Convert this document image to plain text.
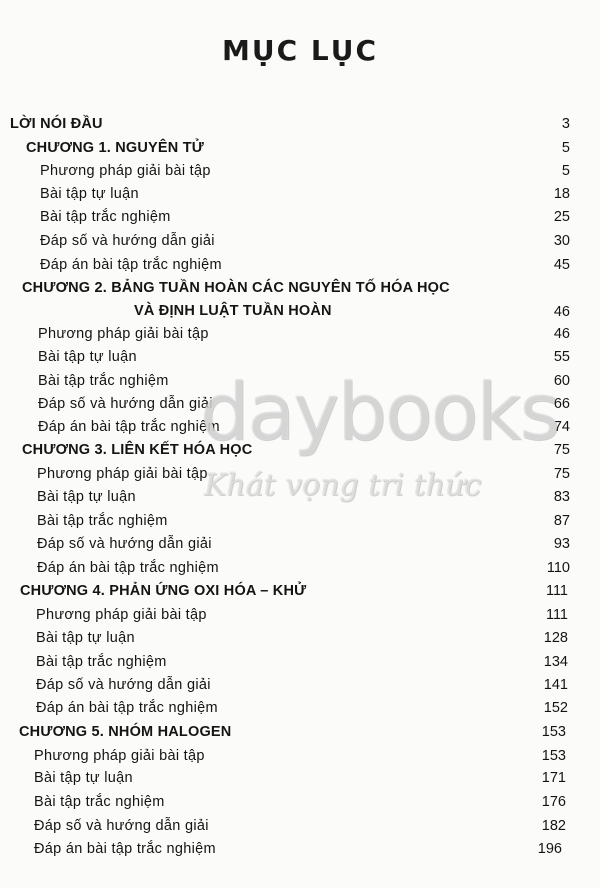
MỤC LỤC
LỜI NÓI ĐẦU	3
CHƯƠNG 1. NGUYÊN TỬ	5
Phương pháp giải bài tập	5
Bài tập tự luận	18
Bài tập trắc nghiệm	25
Đáp số và hướng dẫn giải	30
Đáp án bài tập trắc nghiệm	45
CHƯƠNG 2. BẢNG TUẦN HOÀN CÁC NGUYÊN TỐ HÓA HỌC
VÀ ĐỊNH LUẬT TUẦN HOÀN	46
Phương pháp giải bài tập	46
Bài tập tự luận	55
Bài tập trắc nghiệm	60
Đáp số và hướng dẫn giải	66
Đáp án bài tập trắc nghiệm	74
CHƯƠNG 3. LIÊN KẾT HÓA HỌC	75
Phương pháp giải bài tập	75
Bài tập tự luận	83
Bài tập trắc nghiệm	87
Đáp số và hướng dẫn giải	93
Đáp án bài tập trắc nghiệm	110
CHƯƠNG 4. PHẢN ỨNG OXI HÓA – KHỬ	111
Phương pháp giải bài tập	111
Bài tập tự luận	128
Bài tập trắc nghiệm	134
Đáp số và hướng dẫn giải	141
Đáp án bài tập trắc nghiệm	152
CHƯƠNG 5. NHÓM HALOGEN	153
Phương pháp giải bài tập	153
Bài tập tự luận	171
Bài tập trắc nghiệm	176
Đáp số và hướng dẫn giải	182
Đáp án bài tập trắc nghiệm	196
daybooks
Khát vọng tri thức
